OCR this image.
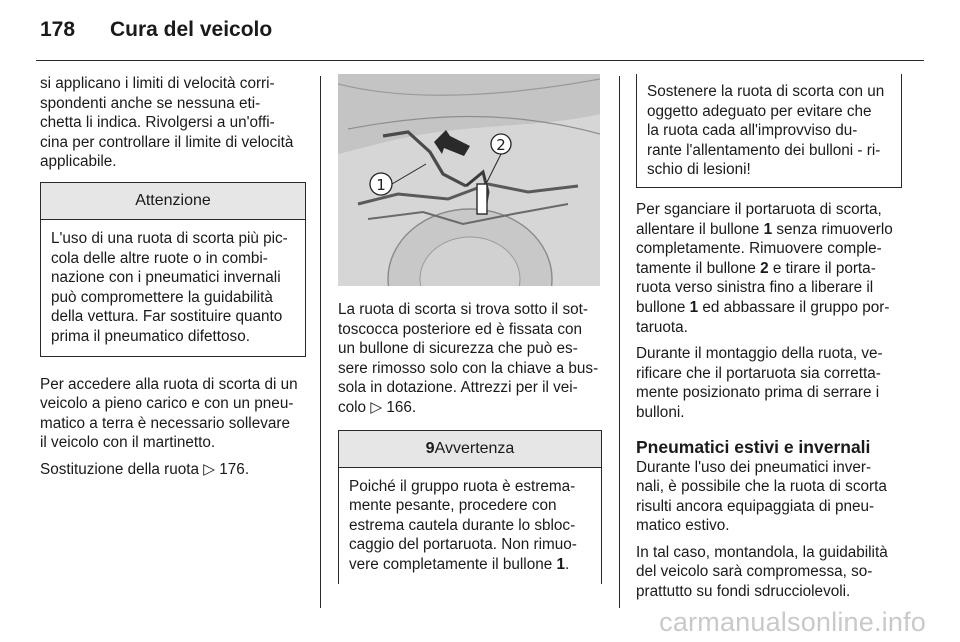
178 Cura del veicolo

si applicano i limiti di velocità corri-
spondenti anche se nessuna eti-
chetta li indica. Rivolgersi a un'offi-
cina per controllare il limite di velocità
applicabile.

Attenzione
L'uso di una ruota di scorta più pic-
cola delle altre ruote o in combi-
nazione con i pneumatici invernali
può compromettere la guidabilità
della vettura. Far sostituire quanto
prima il pneumatico difettoso.

Per accedere alla ruota di scorta di un
veicolo a pieno carico e con un pneu-
matico a terra è necessario sollevare
il veicolo con il martinetto.

Sostituzione della ruota ▷ 176.

2
1

La ruota di scorta si trova sotto il sot-
toscocca posteriore ed è fissata con
un bullone di sicurezza che può es-
sere rimosso solo con la chiave a bus-
sola in dotazione. Attrezzi per il vei-
colo ▷ 166.

9Avvertenza
Poiché il gruppo ruota è estrema-
mente pesante, procedere con
estrema cautela durante lo sbloc-
caggio del portaruota. Non rimuo-
vere completamente il bullone 1.
Sostenere la ruota di scorta con un
oggetto adeguato per evitare che
la ruota cada all'improvviso du-
rante l'allentamento dei bulloni - ri-
schio di lesioni!

Per sganciare il portaruota di scorta,
allentare il bullone 1 senza rimuoverlo
completamente. Rimuovere comple-
tamente il bullone 2 e tirare il porta-
ruota verso sinistra fino a liberare il
bullone 1 ed abbassare il gruppo por-
taruota.

Durante il montaggio della ruota, ve-
rificare che il portaruota sia corretta-
mente posizionato prima di serrare i
bulloni.

Pneumatici estivi e invernali

Durante l'uso dei pneumatici inver-
nali, è possibile che la ruota di scorta
risulti ancora equipaggiata di pneu-
matico estivo.

In tal caso, montandola, la guidabilità
del veicolo sarà compromessa, so-
prattutto su fondi sdrucciolevoli.

carmanualsonline.info
